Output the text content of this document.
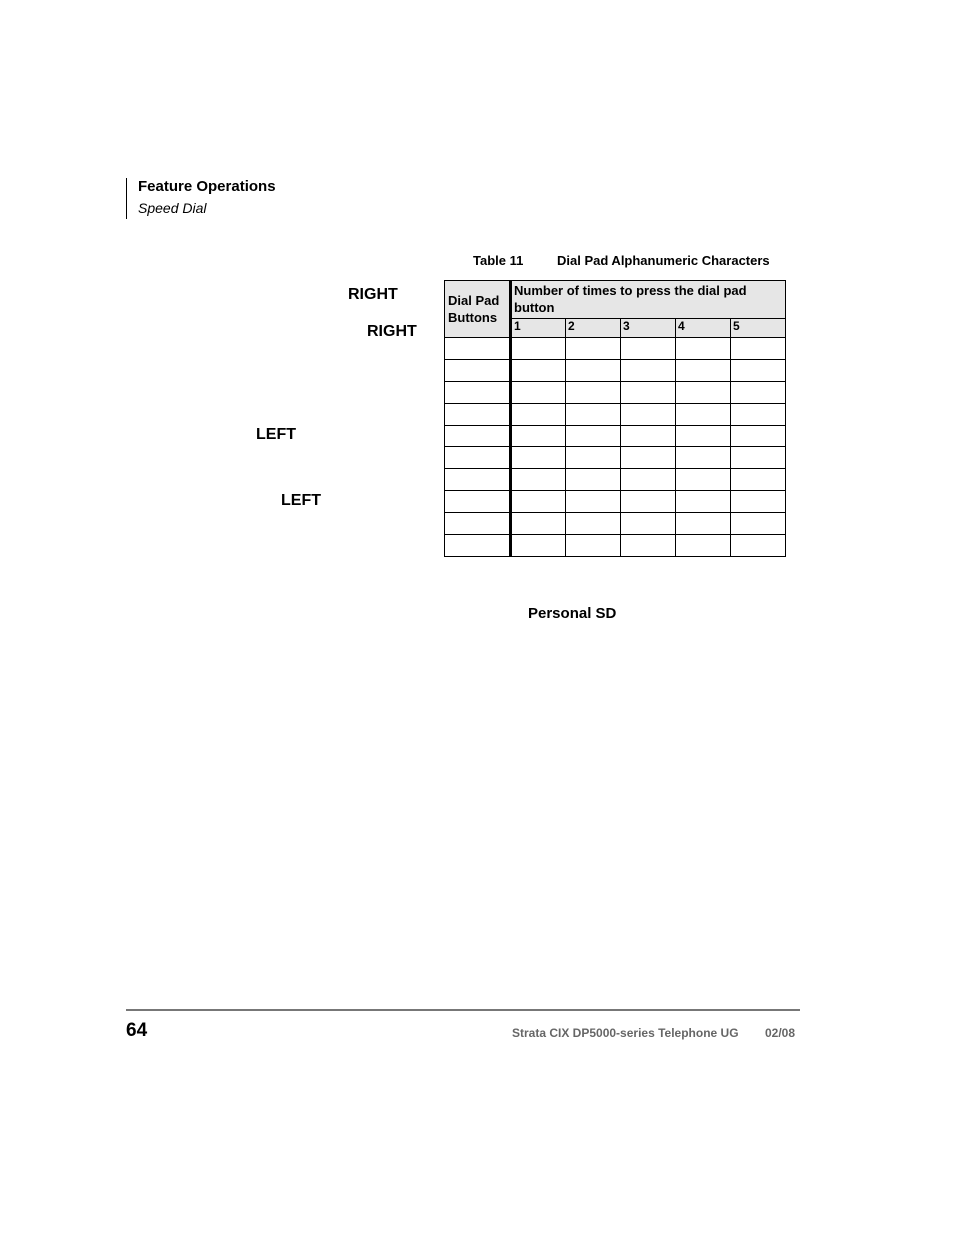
Feature Operations
Speed Dial
RIGHT
RIGHT
LEFT
LEFT
Table 11	Dial Pad Alphanumeric Characters
Dial Pad Buttons	Number of times to press the dial pad button				
	1	2	3	4	5

Personal SD
64	Strata CIX DP5000-series Telephone UG 02/08
